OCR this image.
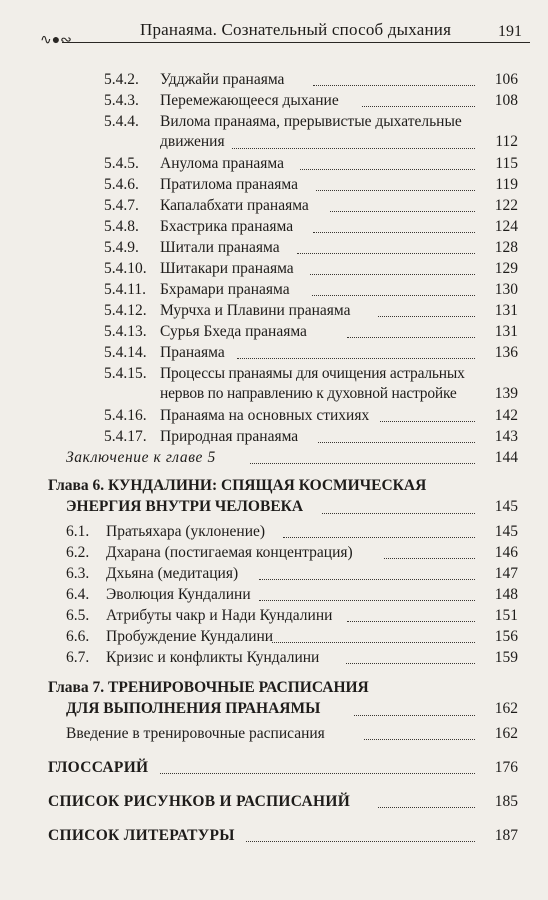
∿●∾
Пранаяма. Сознательный способ дыхания	191
5.4.2. Удджайи пранаяма	106
5.4.3. Перемежающееся дыхание	108
5.4.4. Вилома пранаяма, прерывистые дыхательные
движения	112
5.4.5. Анулома пранаяма	115
5.4.6. Пратилома пранаяма	119
5.4.7. Капалабхати пранаяма	122
5.4.8. Бхастрика пранаяма	124
5.4.9. Шитали пранаяма	128
5.4.10. Шитакари пранаяма	129
5.4.11. Бхрамари пранаяма	130
5.4.12. Мурчха и Плавини пранаяма	131
5.4.13. Сурья Бхеда пранаяма	131
5.4.14. Пранаяма	136
5.4.15. Процессы пранаямы для очищения астральных
нервов по направлению к духовной настройке	139
5.4.16. Пранаяма на основных стихиях	142
5.4.17. Природная пранаяма	143
Заключение к главе 5	144
Глава 6. КУНДАЛИНИ: СПЯЩАЯ КОСМИЧЕСКАЯ
ЭНЕРГИЯ ВНУТРИ ЧЕЛОВЕКА	145
6.1. Пратьяхара (уклонение)	145
6.2. Дхарана (постигаемая концентрация)	146
6.3. Дхьяна (медитация)	147
6.4. Эволюция Кундалини	148
6.5. Атрибуты чакр и Нади Кундалини	151
6.6. Пробуждение Кундалини	156
6.7. Кризис и конфликты Кундалини	159
Глава 7. ТРЕНИРОВОЧНЫЕ РАСПИСАНИЯ
ДЛЯ ВЫПОЛНЕНИЯ ПРАНАЯМЫ	162
Введение в тренировочные расписания	162
ГЛОССАРИЙ	176
СПИСОК РИСУНКОВ И РАСПИСАНИЙ	185
СПИСОК ЛИТЕРАТУРЫ	187
